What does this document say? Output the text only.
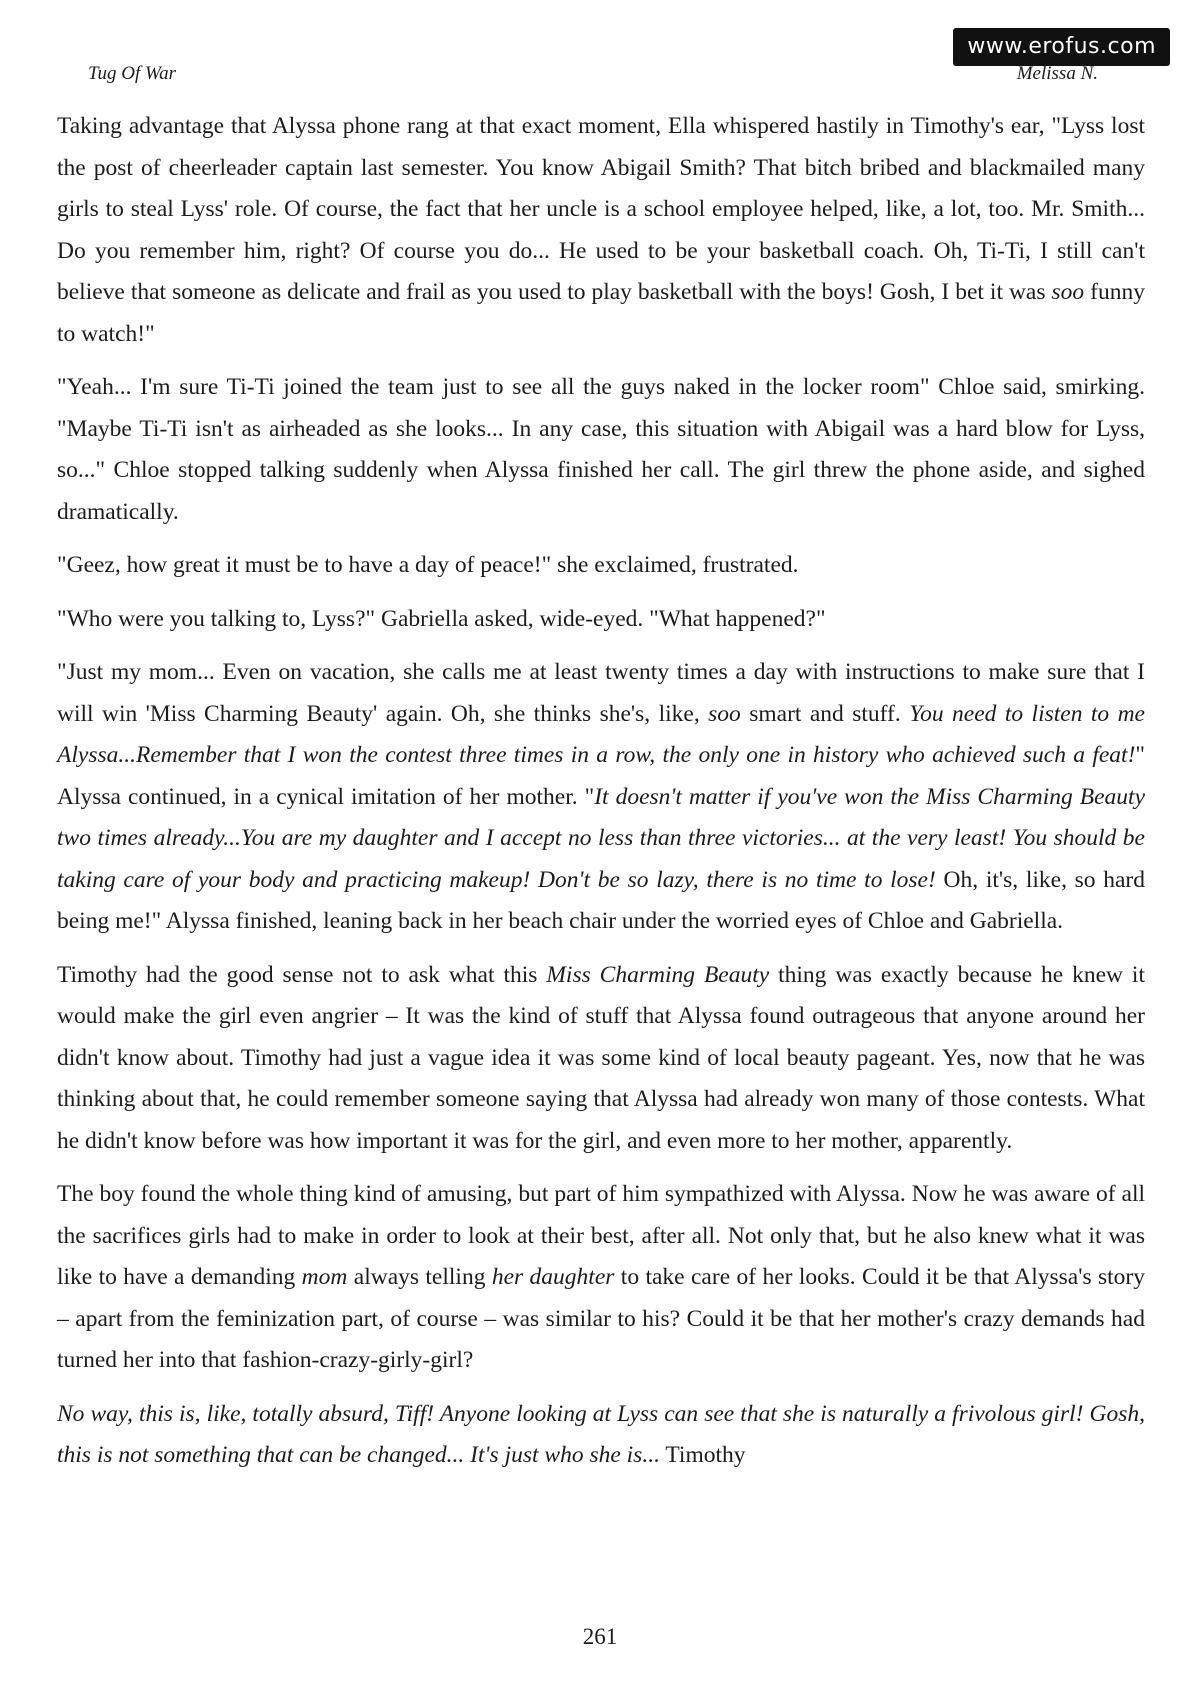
www.erofus.com
Tug Of War	Melissa N.

Taking advantage that Alyssa phone rang at that exact moment, Ella whispered hastily in Timothy's ear, "Lyss lost the post of cheerleader captain last semester. You know Abigail Smith? That bitch bribed and blackmailed many girls to steal Lyss' role. Of course, the fact that her uncle is a school employee helped, like, a lot, too. Mr. Smith... Do you remember him, right? Of course you do... He used to be your basketball coach. Oh, Ti-Ti, I still can't believe that someone as delicate and frail as you used to play basketball with the boys! Gosh, I bet it was soo funny to watch!"

"Yeah... I'm sure Ti-Ti joined the team just to see all the guys naked in the locker room" Chloe said, smirking. "Maybe Ti-Ti isn't as airheaded as she looks... In any case, this situation with Abigail was a hard blow for Lyss, so..." Chloe stopped talking suddenly when Alyssa finished her call. The girl threw the phone aside, and sighed dramatically.

"Geez, how great it must be to have a day of peace!" she exclaimed, frustrated.

"Who were you talking to, Lyss?" Gabriella asked, wide-eyed. "What happened?"

"Just my mom... Even on vacation, she calls me at least twenty times a day with instructions to make sure that I will win 'Miss Charming Beauty' again. Oh, she thinks she's, like, soo smart and stuff. You need to listen to me Alyssa...Remember that I won the contest three times in a row, the only one in history who achieved such a feat!" Alyssa continued, in a cynical imitation of her mother. "It doesn't matter if you've won the Miss Charming Beauty two times already...You are my daughter and I accept no less than three victories... at the very least! You should be taking care of your body and practicing makeup! Don't be so lazy, there is no time to lose! Oh, it's, like, so hard being me!" Alyssa finished, leaning back in her beach chair under the worried eyes of Chloe and Gabriella.

Timothy had the good sense not to ask what this Miss Charming Beauty thing was exactly because he knew it would make the girl even angrier – It was the kind of stuff that Alyssa found outrageous that anyone around her didn't know about. Timothy had just a vague idea it was some kind of local beauty pageant. Yes, now that he was thinking about that, he could remember someone saying that Alyssa had already won many of those contests. What he didn't know before was how important it was for the girl, and even more to her mother, apparently.

The boy found the whole thing kind of amusing, but part of him sympathized with Alyssa. Now he was aware of all the sacrifices girls had to make in order to look at their best, after all. Not only that, but he also knew what it was like to have a demanding mom always telling her daughter to take care of her looks. Could it be that Alyssa's story – apart from the feminization part, of course – was similar to his? Could it be that her mother's crazy demands had turned her into that fashion-crazy-girly-girl?

No way, this is, like, totally absurd, Tiff! Anyone looking at Lyss can see that she is naturally a frivolous girl! Gosh, this is not something that can be changed... It's just who she is... Timothy

261
